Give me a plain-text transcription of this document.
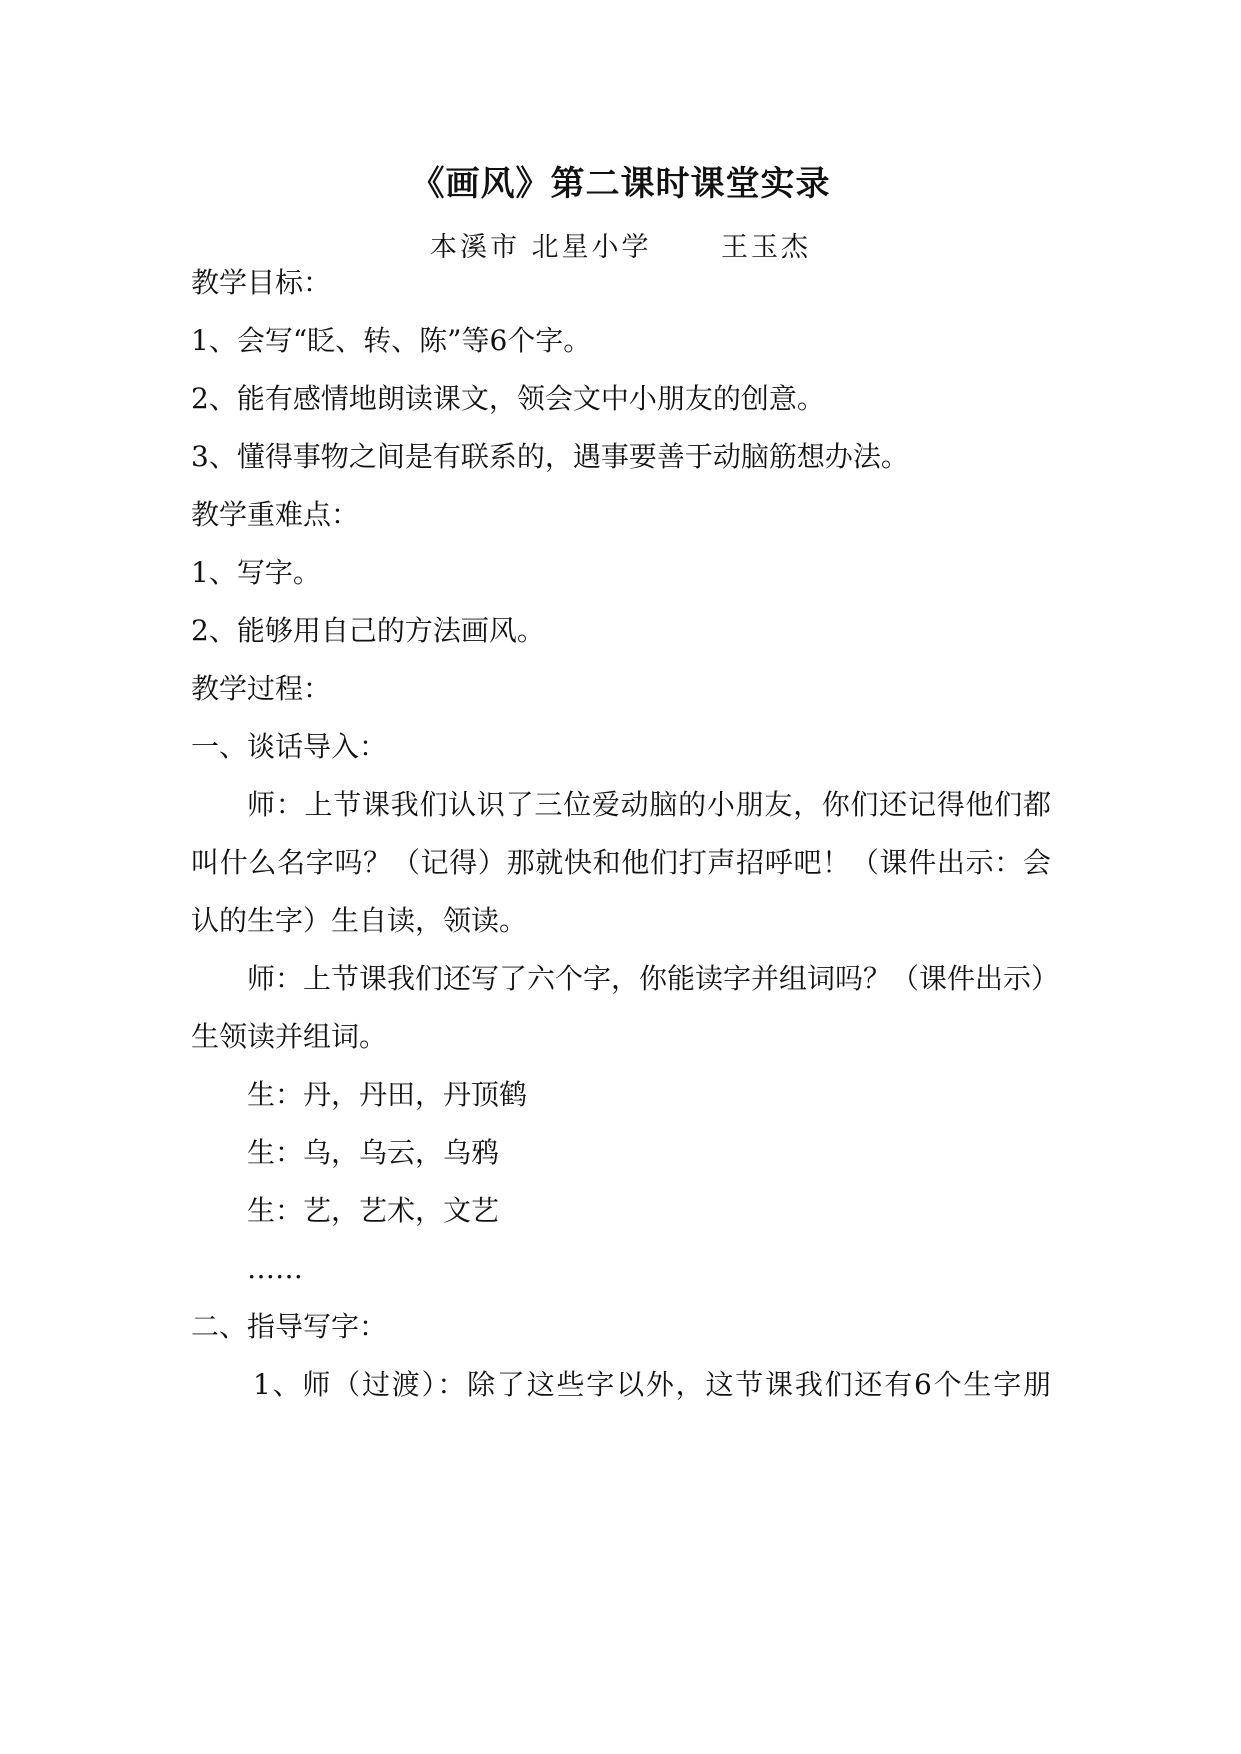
《画风》第二课时课堂实录
本溪市 北星小学      王玉杰
教学目标：
1、会写“眨、转、陈”等6个字。
2、能有感情地朗读课文，领会文中小朋友的创意。
3、懂得事物之间是有联系的，遇事要善于动脑筋想办法。
教学重难点：
1、写字。
2、能够用自己的方法画风。
教学过程：
一、谈话导入：
师：上节课我们认识了三位爱动脑的小朋友，你们还记得他们都
叫什么名字吗？（记得）那就快和他们打声招呼吧！（课件出示：会
认的生字）生自读，领读。
师：上节课我们还写了六个字，你能读字并组词吗？（课件出示）
生领读并组词。
生：丹，丹田，丹顶鹤
生：乌，乌云，乌鸦
生：艺，艺术，文艺
……
二、指导写字：
1、师（过渡）：除了这些字以外，这节课我们还有6个生字朋
